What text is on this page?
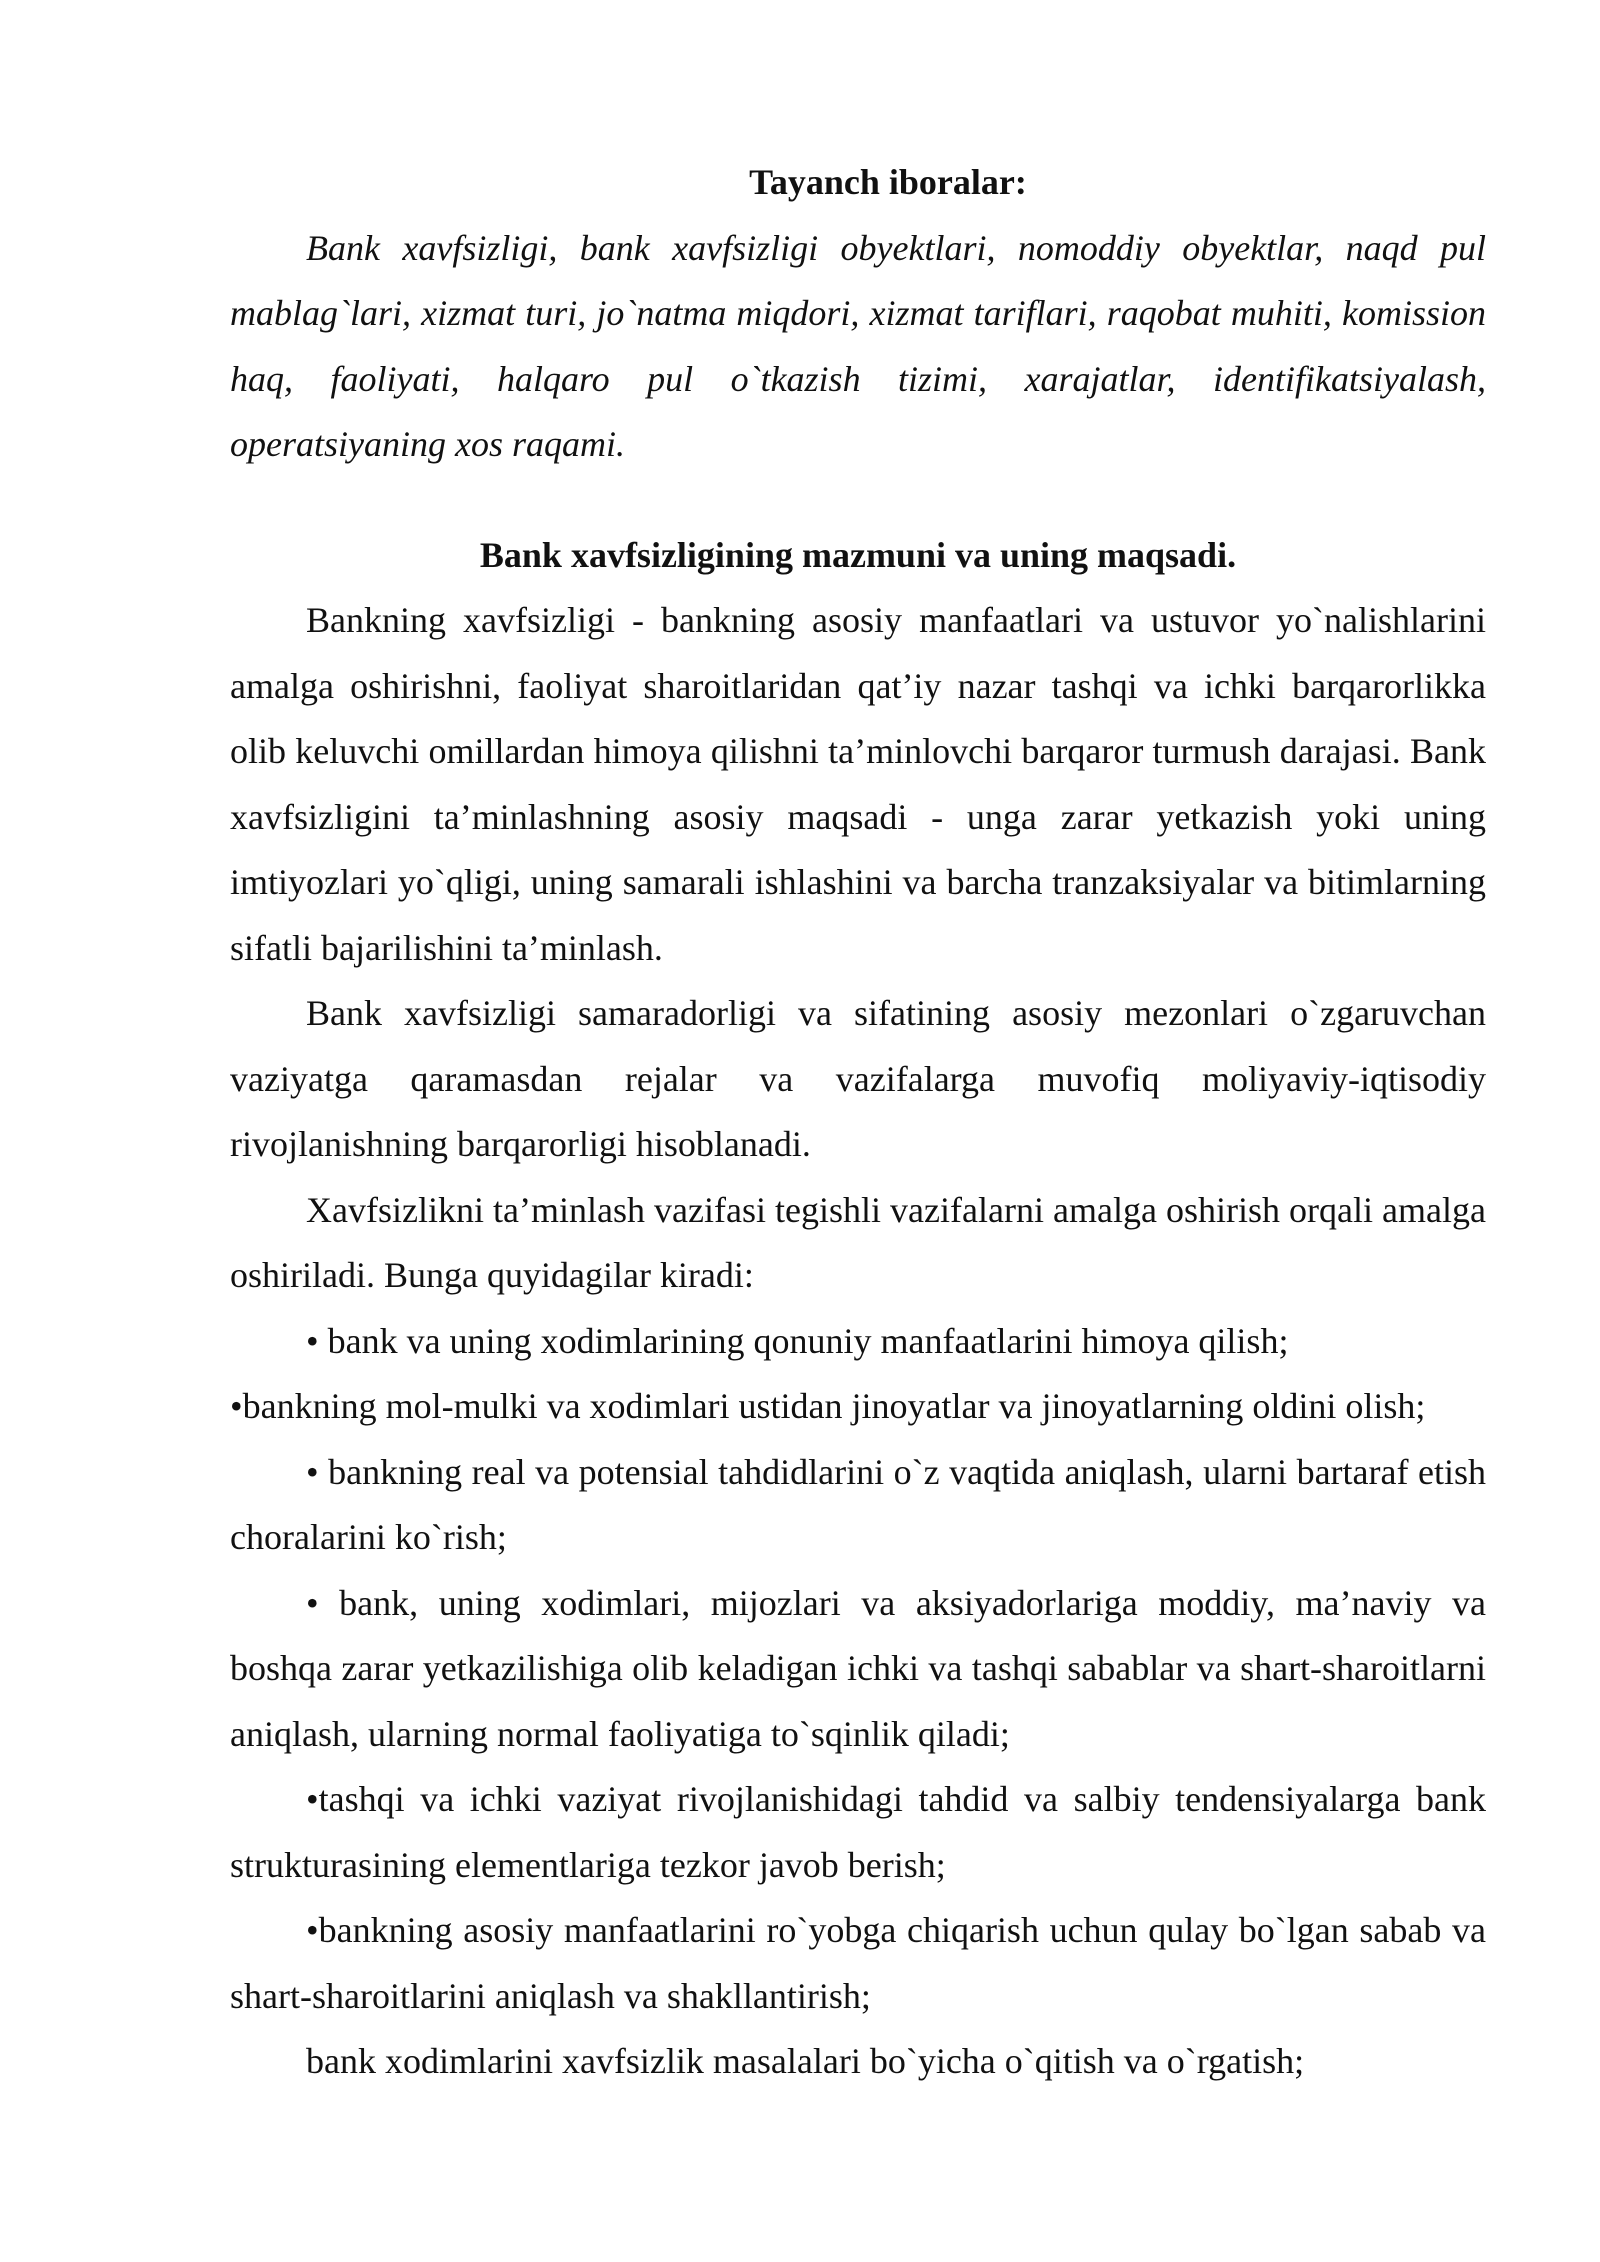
Tayanch iboralar:

Bank xavfsizligi, bank xavfsizligi obyektlari, nomoddiy obyektlar, naqd pul mablag`lari, xizmat turi, jo`natma miqdori, xizmat tariflari, raqobat muhiti, komission haq, faoliyati, halqaro pul o`tkazish tizimi, xarajatlar, identifikatsiyalash, operatsiyaning xos raqami.

Bank xavfsizligining mazmuni va uning maqsadi.

Bankning xavfsizligi - bankning asosiy manfaatlari va ustuvor yo`nalishlarini amalga oshirishni, faoliyat sharoitlaridan qat’iy nazar tashqi va ichki barqarorlikka olib keluvchi omillardan himoya qilishni ta’minlovchi barqaror turmush darajasi. Bank xavfsizligini ta’minlashning asosiy maqsadi - unga zarar yetkazish yoki uning imtiyozlari yo`qligi, uning samarali ishlashini va barcha tranzaksiyalar va bitimlarning sifatli bajarilishini ta’minlash.

Bank xavfsizligi samaradorligi va sifatining asosiy mezonlari o`zgaruvchan vaziyatga qaramasdan rejalar va vazifalarga muvofiq moliyaviy-iqtisodiy rivojlanishning barqarorligi hisoblanadi.

Xavfsizlikni ta’minlash vazifasi tegishli vazifalarni amalga oshirish orqali amalga oshiriladi. Bunga quyidagilar kiradi:

• bank va uning xodimlarining qonuniy manfaatlarini himoya qilish;

•bankning mol-mulki va xodimlari ustidan jinoyatlar va jinoyatlarning oldini olish;

• bankning real va potensial tahdidlarini o`z vaqtida aniqlash, ularni bartaraf etish choralarini ko`rish;

• bank, uning xodimlari, mijozlari va aksiyadorlariga moddiy, ma’naviy va boshqa zarar yetkazilishiga olib keladigan ichki va tashqi sabablar va shart-sharoitlarni aniqlash, ularning normal faoliyatiga to`sqinlik qiladi;

•tashqi va ichki vaziyat rivojlanishidagi tahdid va salbiy tendensiyalarga bank strukturasining elementlariga tezkor javob berish;

•bankning asosiy manfaatlarini ro`yobga chiqarish uchun qulay bo`lgan sabab va shart-sharoitlarini aniqlash va shakllantirish;

bank xodimlarini xavfsizlik masalalari bo`yicha o`qitish va o`rgatish;
